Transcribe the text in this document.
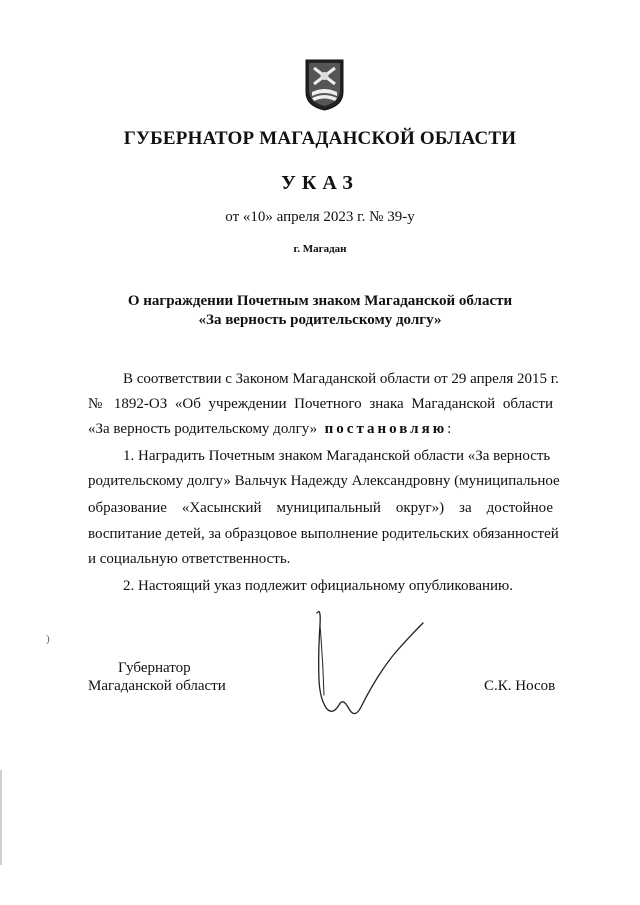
ГУБЕРНАТОР МАГАДАНСКОЙ ОБЛАСТИ
УКАЗ
от «10» апреля 2023 г. № 39-у
г. Магадан
О награждении Почетным знаком Магаданской области
«За верность родительскому долгу»
В соответствии с Законом Магаданской области от 29 апреля 2015 г.
№ 1892-ОЗ «Об учреждении Почетного знака Магаданской области
«За верность родительскому долгу» постановляю:
1. Наградить Почетным знаком Магаданской области «За верность
родительскому долгу» Вальчук Надежду Александровну (муниципальное
образование «Хасынский муниципальный округ») за достойное
воспитание детей, за образцовое выполнение родительских обязанностей
и социальную ответственность.
2. Настоящий указ подлежит официальному опубликованию.
)
Губернатор
Магаданской области	С.К. Носов
